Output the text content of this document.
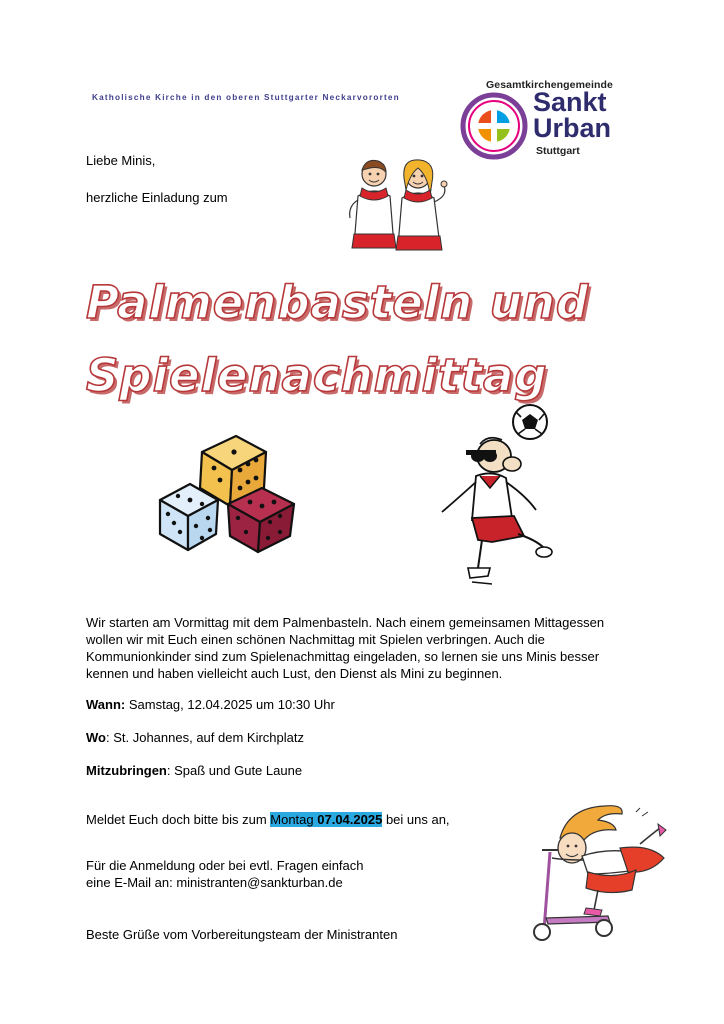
Katholische Kirche in den oberen Stuttgarter Neckarvororten
Gesamtkirchengemeinde
Sankt
Urban
Stuttgart
Liebe Minis,
herzliche Einladung zum
Palmenbasteln und
Spielenachmittag
Wir starten am Vormittag mit dem Palmenbasteln. Nach einem gemeinsamen Mittagessen
wollen wir mit Euch einen schönen Nachmittag mit Spielen verbringen. Auch die
Kommunionkinder sind zum Spielenachmittag eingeladen, so lernen sie uns Minis besser
kennen und haben vielleicht auch Lust, den Dienst als Mini zu beginnen.
Wann: Samstag, 12.04.2025 um 10:30 Uhr
Wo: St. Johannes, auf dem Kirchplatz
Mitzubringen: Spaß und Gute Laune
Meldet Euch doch bitte bis zum Montag 07.04.2025 bei uns an,
Für die Anmeldung oder bei evtl. Fragen einfach
eine E-Mail an: ministranten@sankturban.de
Beste Grüße vom Vorbereitungsteam der Ministranten
